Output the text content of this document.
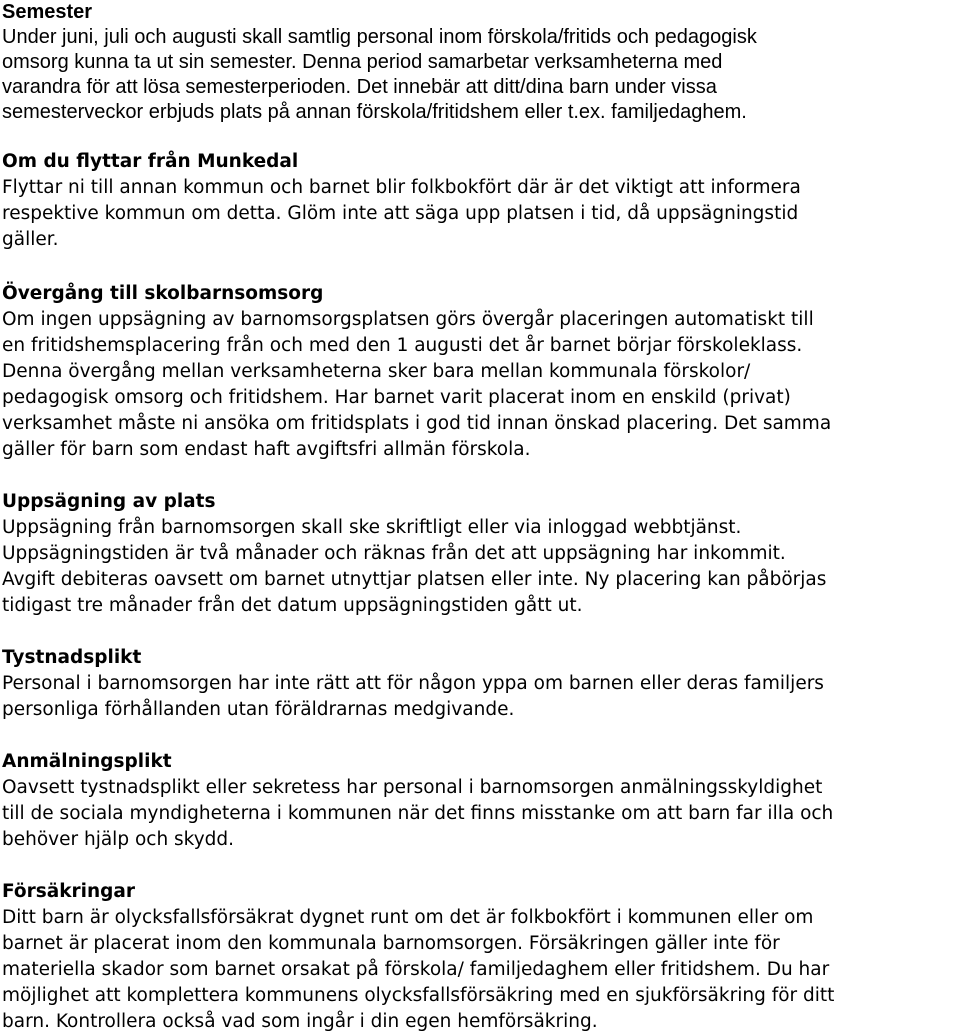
Semester

Under juni, juli och augusti skall samtlig personal inom förskola/fritids och pedagogisk
omsorg kunna ta ut sin semester. Denna period samarbetar verksamheterna med
varandra för att lösa semesterperioden. Det innebär att ditt/dina barn under vissa
semesterveckor erbjuds plats på annan förskola/fritidshem eller t.ex. familjedaghem.

Om du flyttar från Munkedal

Flyttar ni till annan kommun och barnet blir folkbokfört där är det viktigt att informera
respektive kommun om detta. Glöm inte att säga upp platsen i tid, då uppsägningstid
gäller.

Övergång till skolbarnsomsorg

Om ingen uppsägning av barnomsorgsplatsen görs övergår placeringen automatiskt till
en fritidshemsplacering från och med den 1 augusti det år barnet börjar förskoleklass.
Denna övergång mellan verksamheterna sker bara mellan kommunala förskolor/
pedagogisk omsorg och fritidshem. Har barnet varit placerat inom en enskild (privat)
verksamhet måste ni ansöka om fritidsplats i god tid innan önskad placering. Det samma
gäller för barn som endast haft avgiftsfri allmän förskola.

Uppsägning av plats

Uppsägning från barnomsorgen skall ske skriftligt eller via inloggad webbtjänst.
Uppsägningstiden är två månader och räknas från det att uppsägning har inkommit.
Avgift debiteras oavsett om barnet utnyttjar platsen eller inte. Ny placering kan påbörjas
tidigast tre månader från det datum uppsägningstiden gått ut.

Tystnadsplikt

Personal i barnomsorgen har inte rätt att för någon yppa om barnen eller deras familjers
personliga förhållanden utan föräldrarnas medgivande.

Anmälningsplikt

Oavsett tystnadsplikt eller sekretess har personal i barnomsorgen anmälningsskyldighet
till de sociala myndigheterna i kommunen när det finns misstanke om att barn far illa och
behöver hjälp och skydd.

Försäkringar

Ditt barn är olycksfallsförsäkrat dygnet runt om det är folkbokfört i kommunen eller om
barnet är placerat inom den kommunala barnomsorgen. Försäkringen gäller inte för
materiella skador som barnet orsakat på förskola/ familjedaghem eller fritidshem. Du har
möjlighet att komplettera kommunens olycksfallsförsäkring med en sjukförsäkring för ditt
barn. Kontrollera också vad som ingår i din egen hemförsäkring.
